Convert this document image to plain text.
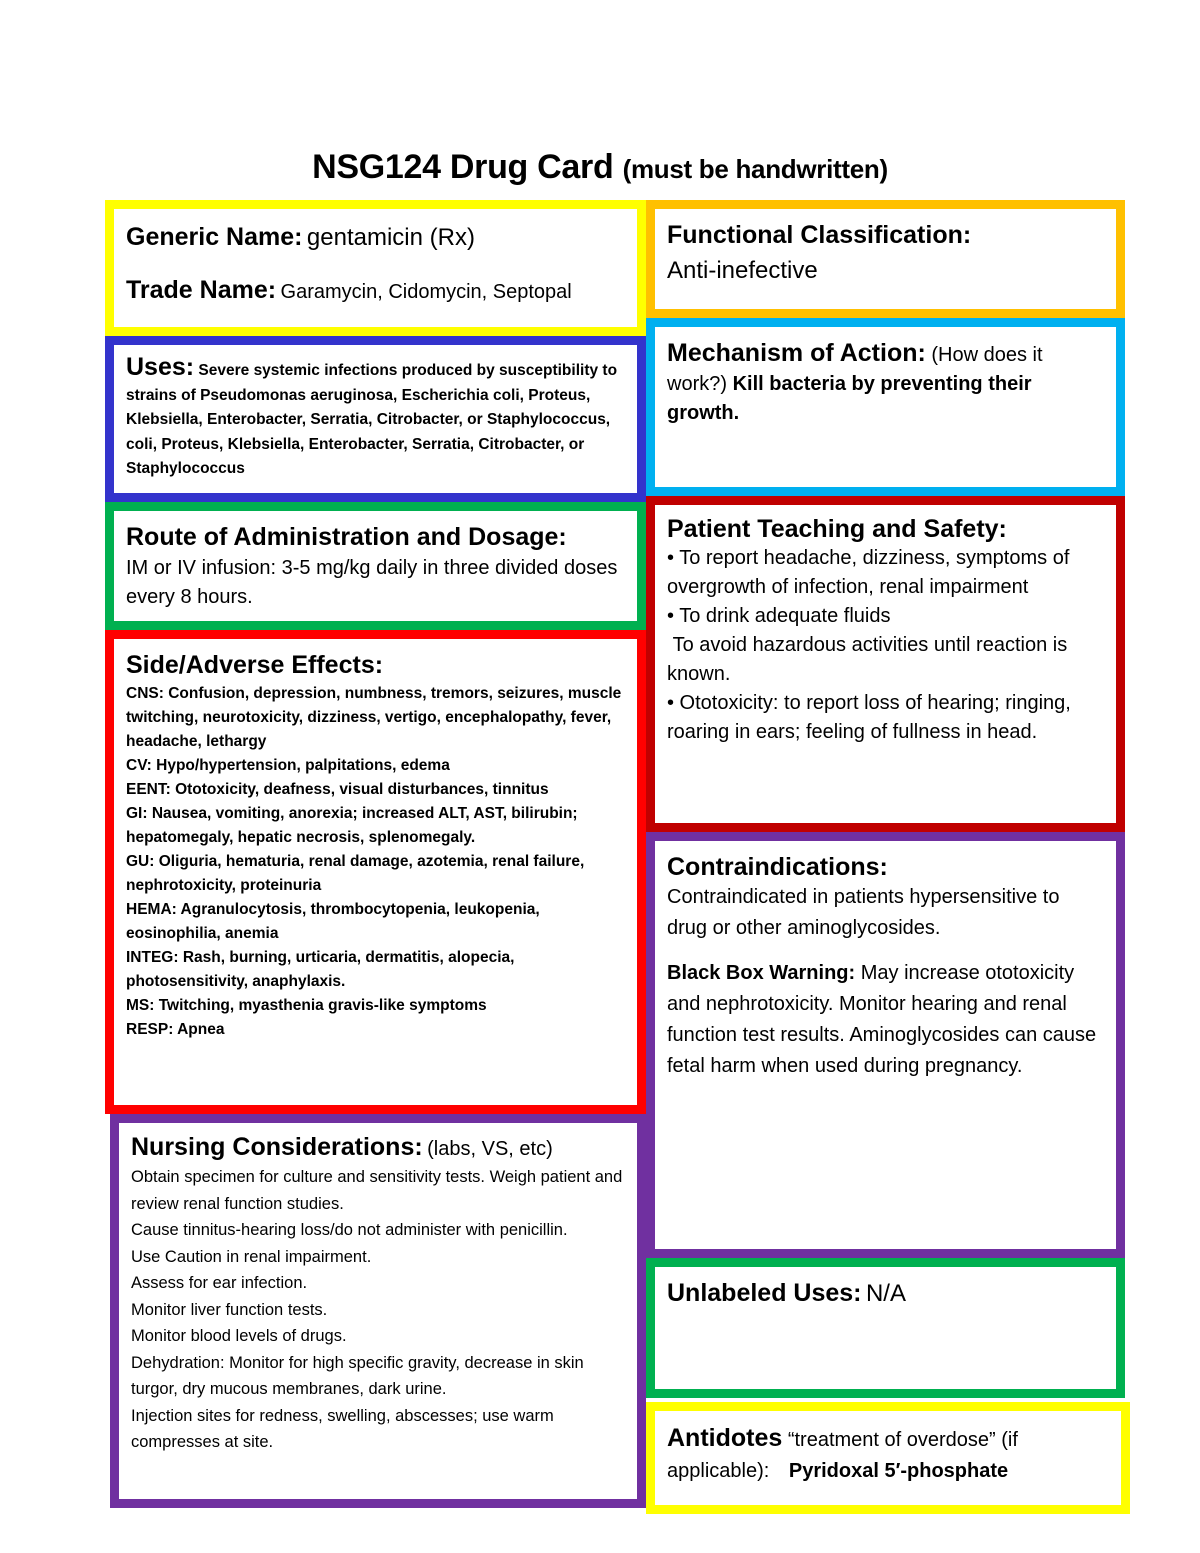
NSG124 Drug Card (must be handwritten)

Generic Name: gentamicin (Rx)

Trade Name: Garamycin, Cidomycin, Septopal

Functional Classification:

Anti-inefective

Uses: Severe systemic infections produced by susceptibility to strains of Pseudomonas aeruginosa, Escherichia coli, Proteus, Klebsiella, Enterobacter, Serratia, Citrobacter, or Staphylococcus, coli, Proteus, Klebsiella, Enterobacter, Serratia, Citrobacter, or Staphylococcus

Mechanism of Action: (How does it work?) Kill bacteria by preventing their growth.

Route of Administration and Dosage:

IM or IV infusion: 3-5 mg/kg daily in three divided doses every 8 hours.

Patient Teaching and Safety:

• To report headache, dizziness, symptoms of overgrowth of infection, renal impairment

• To drink adequate fluids

To avoid hazardous activities until reaction is known.

• Ototoxicity: to report loss of hearing; ringing, roaring in ears; feeling of fullness in head.

Side/Adverse Effects:

CNS: Confusion, depression, numbness, tremors, seizures, muscle twitching, neurotoxicity, dizziness, vertigo, encephalopathy, fever, headache, lethargy

CV: Hypo/hypertension, palpitations, edema

EENT: Ototoxicity, deafness, visual disturbances, tinnitus

GI: Nausea, vomiting, anorexia; increased ALT, AST, bilirubin; hepatomegaly, hepatic necrosis, splenomegaly.

GU: Oliguria, hematuria, renal damage, azotemia, renal failure, nephrotoxicity, proteinuria

HEMA: Agranulocytosis, thrombocytopenia, leukopenia, eosinophilia, anemia

INTEG: Rash, burning, urticaria, dermatitis, alopecia, photosensitivity, anaphylaxis.

MS: Twitching, myasthenia gravis-like symptoms

RESP: Apnea

Contraindications:

Contraindicated in patients hypersensitive to drug or other aminoglycosides.

Black Box Warning: May increase ototoxicity and nephrotoxicity. Monitor hearing and renal function test results. Aminoglycosides can cause fetal harm when used during pregnancy.

Nursing Considerations: (labs, VS, etc)

Obtain specimen for culture and sensitivity tests. Weigh patient and review renal function studies.

Cause tinnitus-hearing loss/do not administer with penicillin.

Use Caution in renal impairment.

Assess for ear infection.

Monitor liver function tests.

Monitor blood levels of drugs.

Dehydration: Monitor for high specific gravity, decrease in skin turgor, dry mucous membranes, dark urine.

Injection sites for redness, swelling, abscesses; use warm compresses at site.

Unlabeled Uses: N/A

Antidotes “treatment of overdose” (if applicable): Pyridoxal 5′-phosphate
